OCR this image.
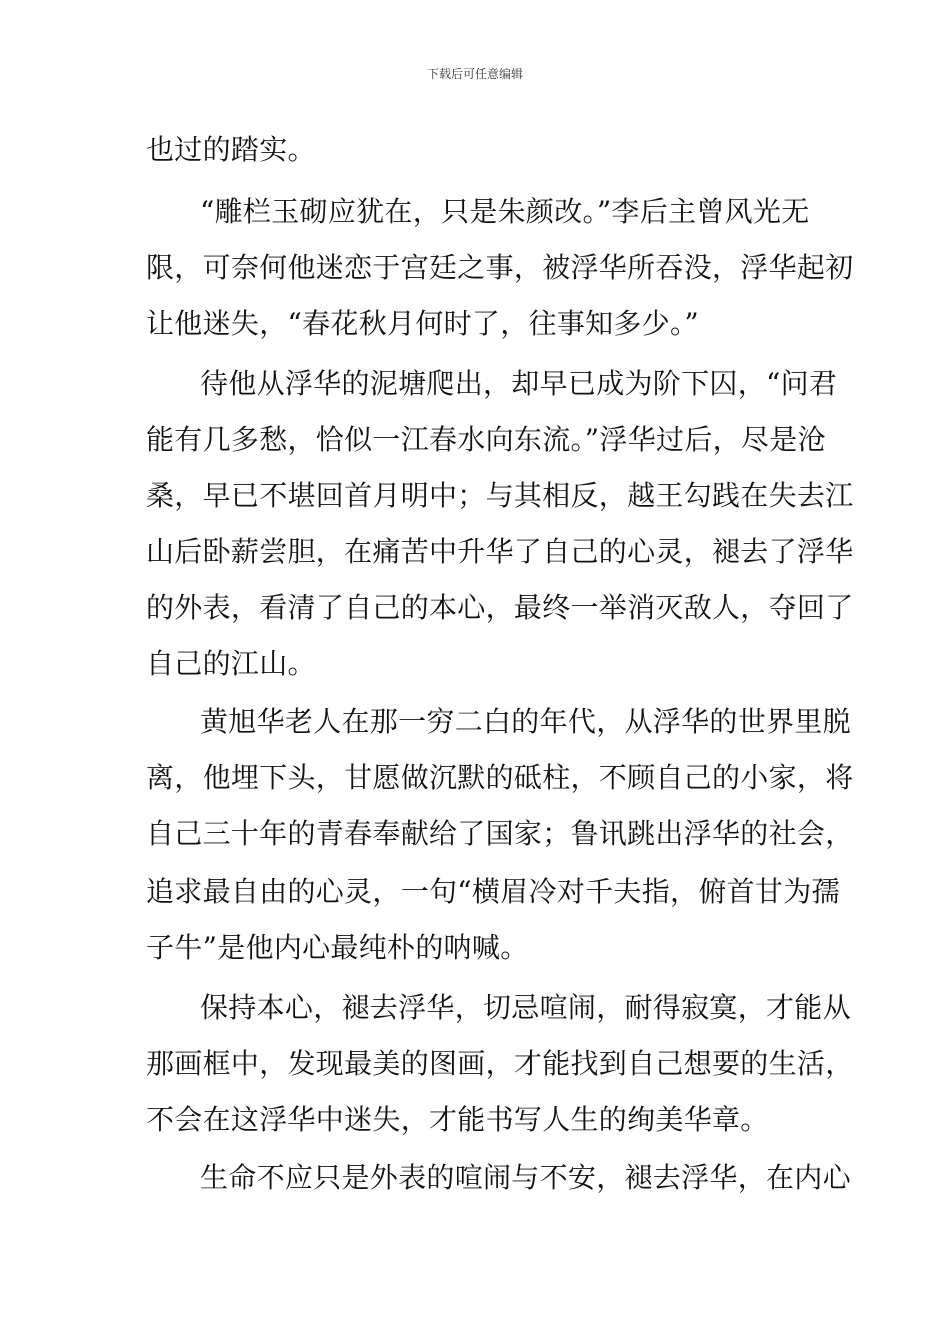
下载后可任意编辑
也过的踏实。
“雕栏玉砌应犹在，只是朱颜改。”李后主曾风光无
限，可奈何他迷恋于宫廷之事，被浮华所吞没，浮华起初
让他迷失，“春花秋月何时了，往事知多少。”
待他从浮华的泥塘爬出，却早已成为阶下囚，“问君
能有几多愁，恰似一江春水向东流。”浮华过后，尽是沧
桑，早已不堪回首月明中；与其相反，越王勾践在失去江
山后卧薪尝胆，在痛苦中升华了自己的心灵，褪去了浮华
的外表，看清了自己的本心，最终一举消灭敌人，夺回了
自己的江山。
黄旭华老人在那一穷二白的年代，从浮华的世界里脱
离，他埋下头，甘愿做沉默的砥柱，不顾自己的小家，将
自己三十年的青春奉献给了国家；鲁讯跳出浮华的社会，
追求最自由的心灵，一句“横眉冷对千夫指，俯首甘为孺
子牛”是他内心最纯朴的呐喊。
保持本心，褪去浮华，切忌喧闹，耐得寂寞，才能从
那画框中，发现最美的图画，才能找到自己想要的生活，
不会在这浮华中迷失，才能书写人生的绚美华章。
生命不应只是外表的喧闹与不安，褪去浮华，在内心
